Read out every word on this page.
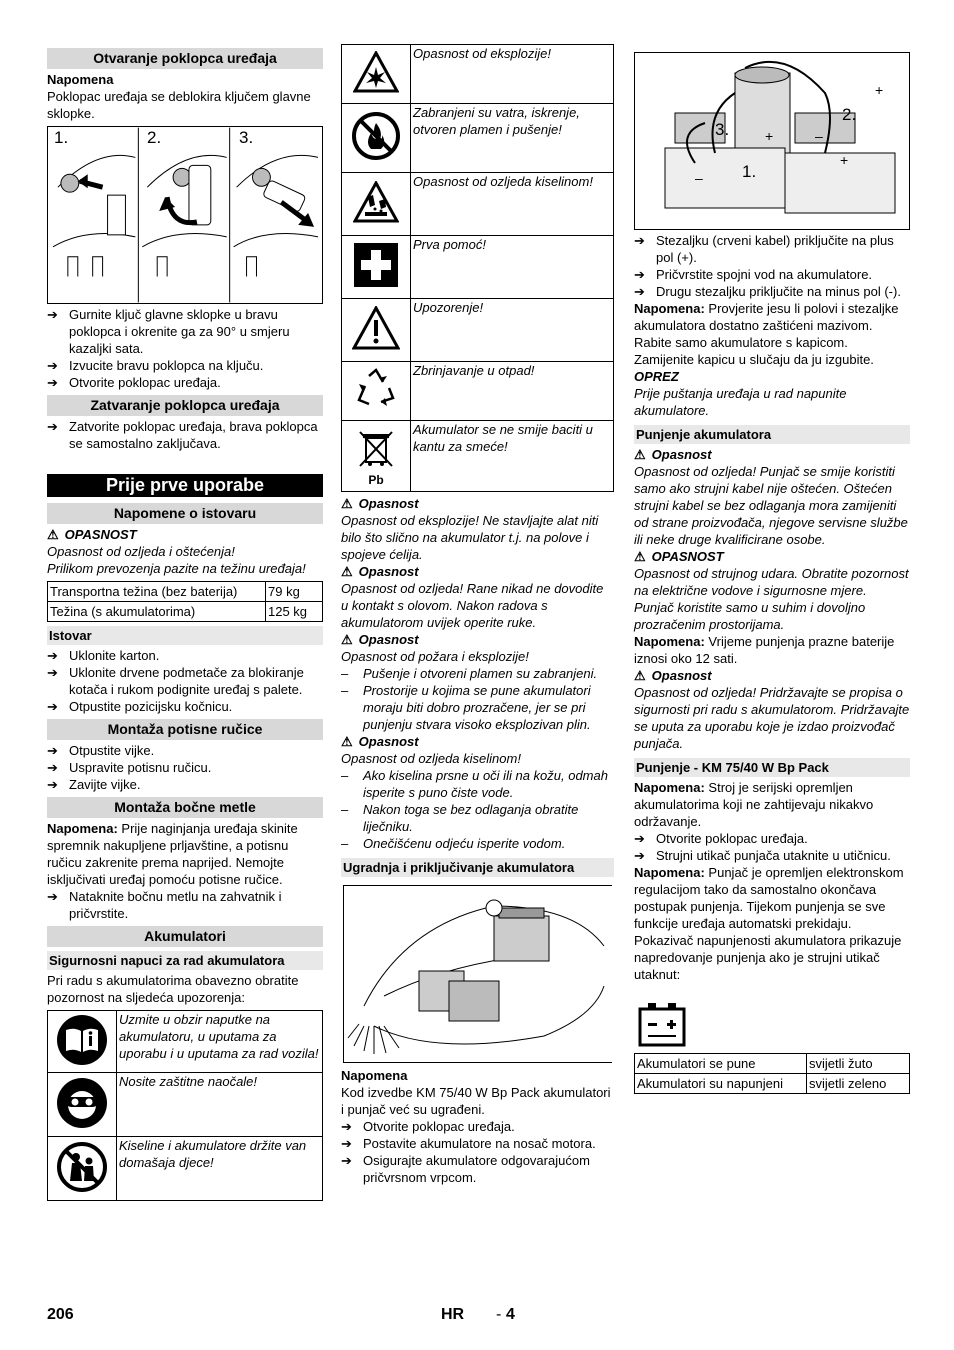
Otvaranje poklopca uređaja

Napomena

Poklopac uređaja se deblokira ključem glavne sklopke.

1.	2.	3.
➔ Gurnite ključ glavne sklopke u bravu poklopca i okrenite ga za 90° u smjeru kazaljki sata.
➔ Izvucite bravu poklopca na ključu.
➔ Otvorite poklopac uređaja.
Zatvaranje poklopca uređaja
➔ Zatvorite poklopac uređaja, brava poklopca se samostalno zaključava.
Prije prve uporabe
Napomene o istovaru

⚠ OPASNOST

Opasnost od ozljeda i oštećenja!

Prilikom prevozenja pazite na težinu uređaja!

Transportna težina (bez baterija)	79 kg
Težina (s akumulatorima)	125 kg
Istovar
➔ Uklonite karton.
➔ Uklonite drvene podmetače za blokiranje kotača i rukom podignite uređaj s palete.
➔ Otpustite pozicijsku kočnicu.
Montaža potisne ručice
➔ Otpustite vijke.
➔ Uspravite potisnu ručicu.
➔ Zavijte vijke.
Montaža bočne metle

Napomena: Prije naginjanja uređaja skinite spremnik nakupljene prljavštine, a potisnu ručicu zakrenite prema naprijed. Nemojte isključivati uređaj pomoću potisne ručice.

➔ Nataknite bočnu metlu na zahvatnik i pričvrstite.
Akumulatori
Sigurnosni napuci za rad akumulatora

Pri radu s akumulatorima obavezno obratite pozornost na sljedeća upozorenja:

	Uzmite u obzir naputke na akumulatoru, u uputama za uporabu i u uputama za rad vozila!
	Nosite zaštitne naočale!
	Kiseline i akumulatore držite van domašaja djece!
	Opasnost od eksplozije!
	Zabranjeni su vatra, iskrenje, otvoren plamen i pušenje!
	Opasnost od ozljeda kiselinom!
	Prva pomoć!
	Upozorenje!
	Zbrinjavanje u otpad!

Pb	Akumulator se ne smije baciti u kantu za smeće!

⚠ Opasnost

Opasnost od eksplozije! Ne stavljajte alat niti bilo što slično na akumulator t.j. na polove i spojeve ćelija.

⚠ Opasnost

Opasnost od ozljeda! Rane nikad ne dovodite u kontakt s olovom. Nakon radova s akumulatorom uvijek operite ruke.

⚠ Opasnost

Opasnost od požara i eksplozije!

–	Pušenje i otvoreni plamen su zabranjeni.
–	Prostorije u kojima se pune akumulatori moraju biti dobro prozračene, jer se pri punjenju stvara visoko eksplozivan plin.

⚠ Opasnost

Opasnost od ozljeda kiselinom!

–	Ako kiselina prsne u oči ili na kožu, odmah isperite s puno čiste vode.
–	Nakon toga se bez odlaganja obratite liječniku.
–	Onečišćenu odjeću isperite vodom.
Ugradnja i priključivanje akumulatora

Napomena

Kod izvedbe KM 75/40 W Bp Pack akumulatori i punjač već su ugrađeni.

➔ Otvorite poklopac uređaja.
➔ Postavite akumulatore na nosač motora.
➔ Osigurajte akumulatore odgovarajućom pričvrsnom vrpcom.
+
+
+	–
– 1.
2.
3.
➔ Stezaljku (crveni kabel) priključite na plus pol (+).
➔ Pričvrstite spojni vod na akumulatore.
➔ Drugu stezaljku priključite na minus pol (-).

Napomena: Provjerite jesu li polovi i stezaljke akumulatora dostatno zaštićeni mazivom.

Rabite samo akumulatore s kapicom. Zamijenite kapicu u slučaju da ju izgubite.

OPREZ

Prije puštanja uređaja u rad napunite akumulatore.

Punjenje akumulatora

⚠ Opasnost

Opasnost od ozljeda! Punjač se smije koristiti samo ako strujni kabel nije oštećen. Oštećen strujni kabel se bez odlaganja mora zamijeniti od strane proizvođača, njegove servisne službe ili neke druge kvalificirane osobe.

⚠ OPASNOST

Opasnost od strujnog udara. Obratite pozornost na električne vodove i sigurnosne mjere. Punjač koristite samo u suhim i dovoljno prozračenim prostorijama.

Napomena: Vrijeme punjenja prazne baterije iznosi oko 12 sati.

⚠ Opasnost

Opasnost od ozljeda! Pridržavajte se propisa o sigurnosti pri radu s akumulatorom. Pridržavajte se uputa za uporabu koje je izdao proizvođač punjača.

Punjenje - KM 75/40 W Bp Pack

Napomena: Stroj je serijski opremljen akumulatorima koji ne zahtijevaju nikakvo održavanje.

➔ Otvorite poklopac uređaja.
➔ Strujni utikač punjača utaknite u utičnicu.

Napomena: Punjač je opremljen elektronskom regulacijom tako da samostalno okončava postupak punjenja. Tijekom punjenja se sve funkcije uređaja automatski prekidaju.

Pokazivač napunjenosti akumulatora prikazuje napredovanje punjenja ako je strujni utikač utaknut:

Akumulatori se pune	svijetli žuto
Akumulatori su napunjeni	svijetli zeleno
206	HR - 4
